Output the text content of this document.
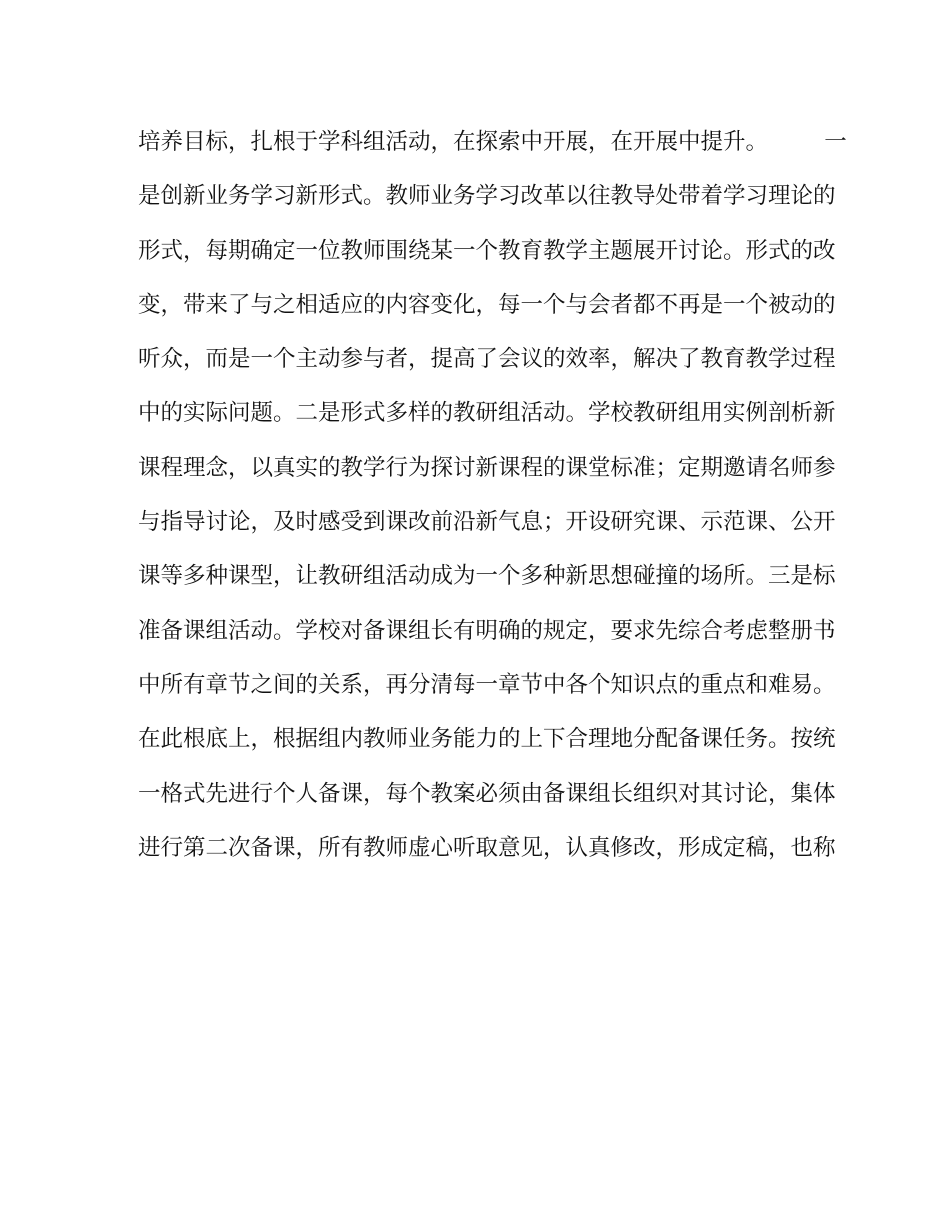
培养目标，扎根于学科组活动，在探索中开展，在开展中提升。　　　一
是创新业务学习新形式。教师业务学习改革以往教导处带着学习理论的
形式，每期确定一位教师围绕某一个教育教学主题展开讨论。形式的改
变，带来了与之相适应的内容变化，每一个与会者都不再是一个被动的
听众，而是一个主动参与者，提高了会议的效率，解决了教育教学过程
中的实际问题。二是形式多样的教研组活动。学校教研组用实例剖析新
课程理念，以真实的教学行为探讨新课程的课堂标准；定期邀请名师参
与指导讨论，及时感受到课改前沿新气息；开设研究课、示范课、公开
课等多种课型，让教研组活动成为一个多种新思想碰撞的场所。三是标
准备课组活动。学校对备课组长有明确的规定，要求先综合考虑整册书
中所有章节之间的关系，再分清每一章节中各个知识点的重点和难易。
在此根底上，根据组内教师业务能力的上下合理地分配备课任务。按统
一格式先进行个人备课，每个教案必须由备课组长组织对其讨论，集体
进行第二次备课，所有教师虚心听取意见，认真修改，形成定稿，也称
